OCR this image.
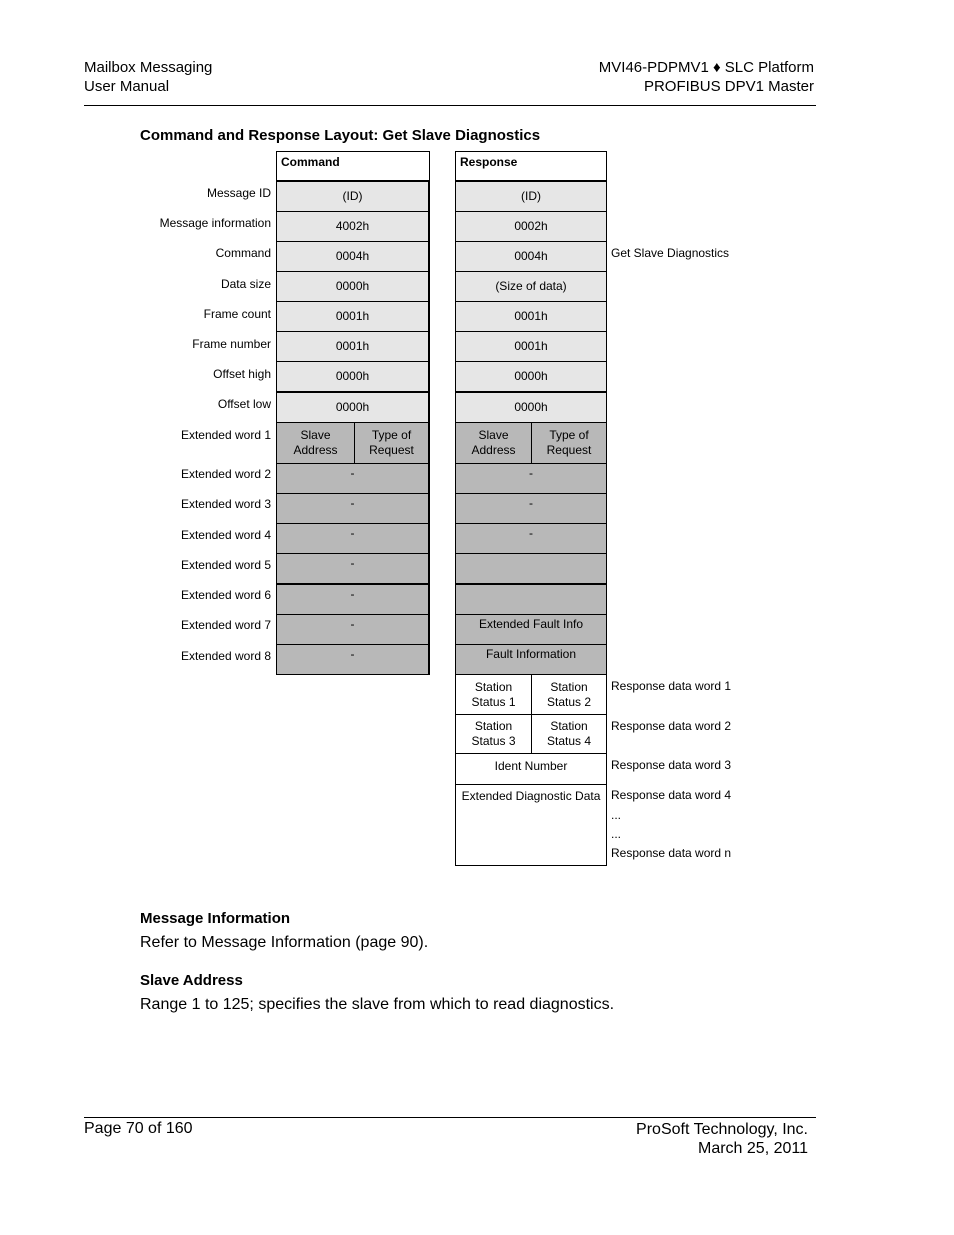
Mailbox Messaging
User Manual
MVI46-PDPMV1 ♦ SLC Platform
PROFIBUS DPV1 Master
Command and Response Layout: Get Slave Diagnostics
Command	Response
Message ID
Message information
Command
Data size
Frame count
Frame number
Offset high
Offset low
Extended word 1
Extended word 2
Extended word 3
Extended word 4
Extended word 5
Extended word 6
Extended word 7
Extended word 8
(ID)
4002h
0004h
0000h
0001h
0001h
0000h
0000h
Slave
Address
Type of
Request
-
-
-
-
-
-
-
(ID)
0002h
0004h
(Size of data)
0001h
0001h
0000h
0000h
Slave
Address
Type of
Request
-
-
-
Extended Fault Info
Fault Information
Station
Status 1
Station
Status 2
Station
Status 3
Station
Status 4
Ident Number
Extended Diagnostic Data
Get Slave Diagnostics
Response data word 1
Response data word 2
Response data word 3
Response data word 4
...
...
Response data word n
Message Information
Refer to Message Information (page 90).
Slave Address
Range 1 to 125; specifies the slave from which to read diagnostics.
Page 70 of 160	ProSoft Technology, Inc.
March 25, 2011
